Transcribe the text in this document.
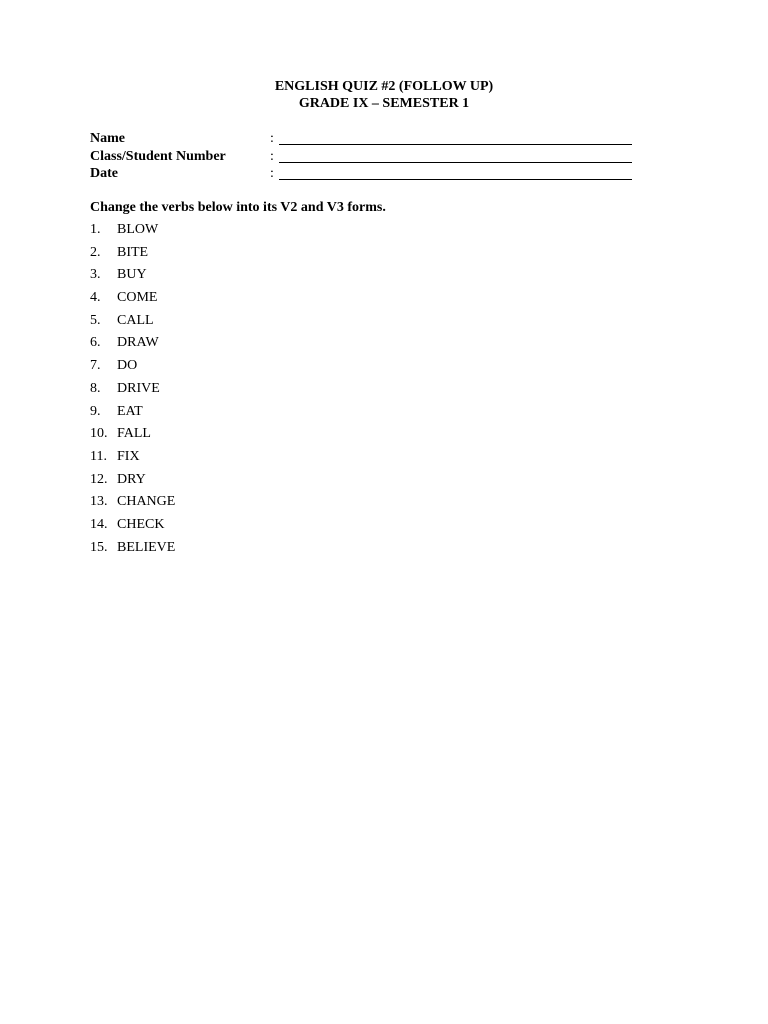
ENGLISH QUIZ #2 (FOLLOW UP)
GRADE IX – SEMESTER 1
Name	:
Class/Student Number	:
Date	:
Change the verbs below into its V2 and V3 forms.
1. BLOW
2. BITE
3. BUY
4. COME
5. CALL
6. DRAW
7. DO
8. DRIVE
9. EAT
10. FALL
11. FIX
12. DRY
13. CHANGE
14. CHECK
15. BELIEVE
